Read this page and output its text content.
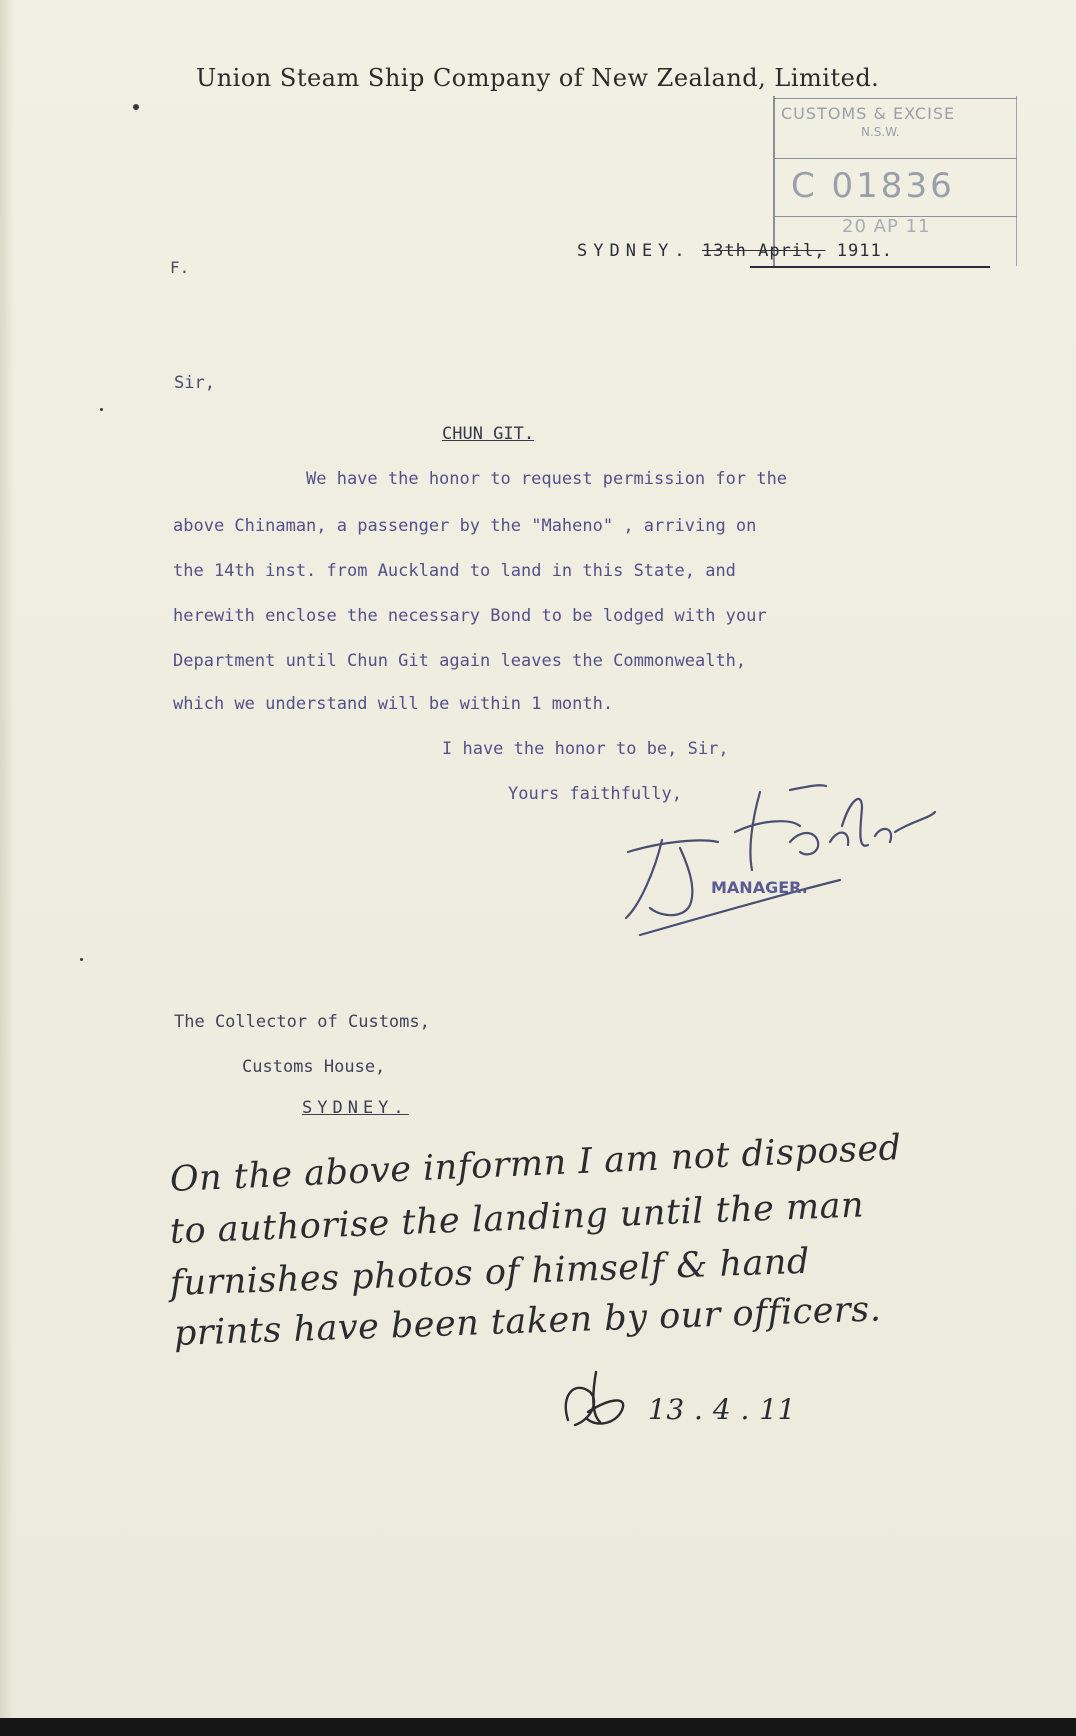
Union Steam Ship Company of New Zealand, Limited.
CUSTOMS & EXCISE
N.S.W.
C 01836
F.
20 AP 11
SYDNEY. 13th April, 1911.
Sir,
CHUN GIT.
We have the honor to request permission for the
above Chinaman, a passenger by the "Maheno" , arriving on
the 14th inst. from Auckland to land in this State, and
herewith enclose the necessary Bond to be lodged with your
Department until Chun Git again leaves the Commonwealth,
which we understand will be within 1 month.
I have the honor to be, Sir,
Yours faithfully,
MANAGER.
The Collector of Customs,
Customs House,
SYDNEY.
On the above informn I am not disposed
to authorise the landing until the man
furnishes photos of himself & hand
prints have been taken by our officers.
13 . 4 . 11
